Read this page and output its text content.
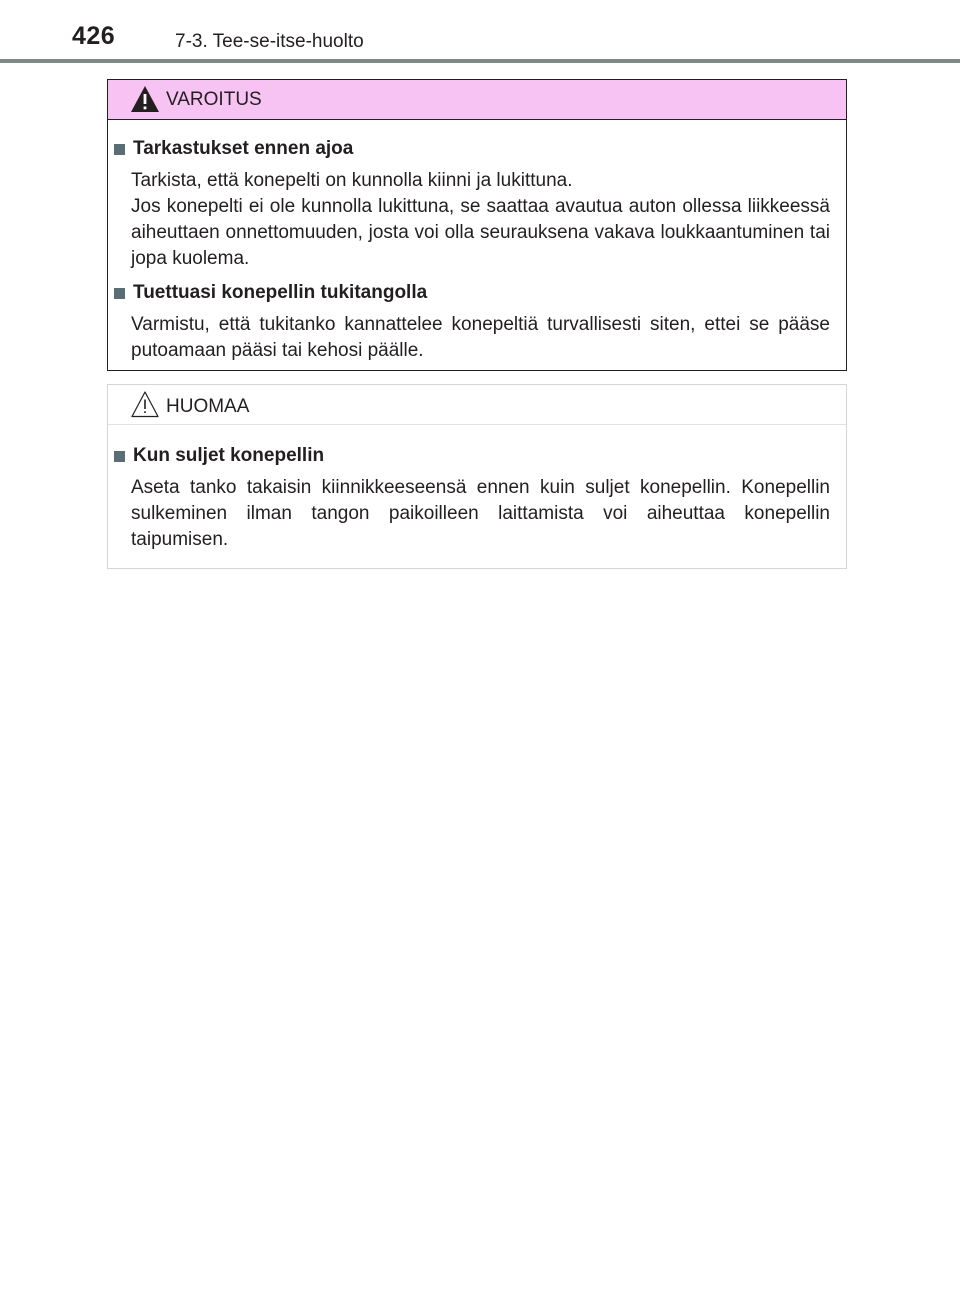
426	7-3. Tee-se-itse-huolto
VAROITUS
Tarkastukset ennen ajoa

Tarkista, että konepelti on kunnolla kiinni ja lukittuna.

Jos konepelti ei ole kunnolla lukittuna, se saattaa avautua auton ollessa liikkeessä aiheuttaen onnettomuuden, josta voi olla seurauksena vakava loukkaantuminen tai jopa kuolema.

Tuettuasi konepellin tukitangolla

Varmistu, että tukitanko kannattelee konepeltiä turvallisesti siten, ettei se pääse putoamaan pääsi tai kehosi päälle.

HUOMAA
Kun suljet konepellin

Aseta tanko takaisin kiinnikkeeseensä ennen kuin suljet konepellin. Konepellin sulkeminen ilman tangon paikoilleen laittamista voi aiheuttaa konepellin taipumisen.
